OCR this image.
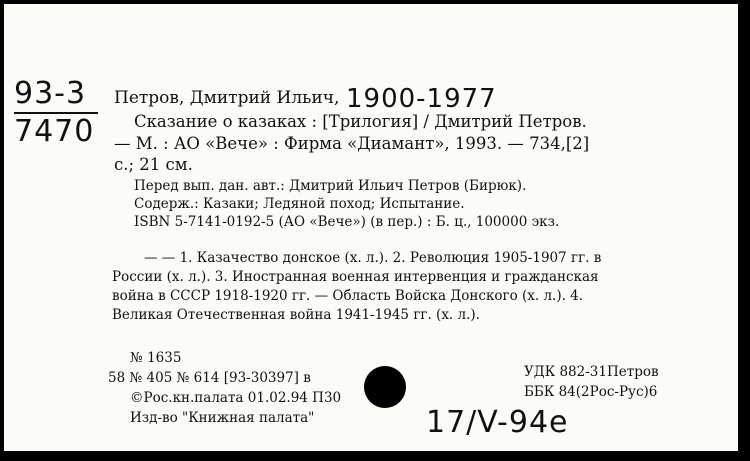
93-3
7470
Петров, Дмитрий Ильич, 1900-1977
Сказание о казаках : [Трилогия] / Дмитрий Петров.
— М. : АО «Вече» : Фирма «Диамант», 1993. — 734,[2]
с.; 21 см.
Перед вып. дан. авт.: Дмитрий Ильич Петров (Бирюк).
Содерж.: Казаки; Ледяной поход; Испытание.
ISBN 5-7141-0192-5 (АО «Вече») (в пер.) : Б. ц., 100000 экз.
— — 1. Казачество донское (х. л.). 2. Революция 1905-1907 гг. в
России (х. л.). 3. Иностранная военная интервенция и гражданская
война в СССР 1918-1920 гг. — Область Войска Донского (х. л.). 4.
Великая Отечественная война 1941-1945 гг. (х. л.).
№ 1635
58 № 405 № 614 [93-30397] в
©Рос.кн.палата 01.02.94 П30
Изд-во "Книжная палата"
УДК 882-31Петров
ББК 84(2Рос-Рус)6
17/V-94e
